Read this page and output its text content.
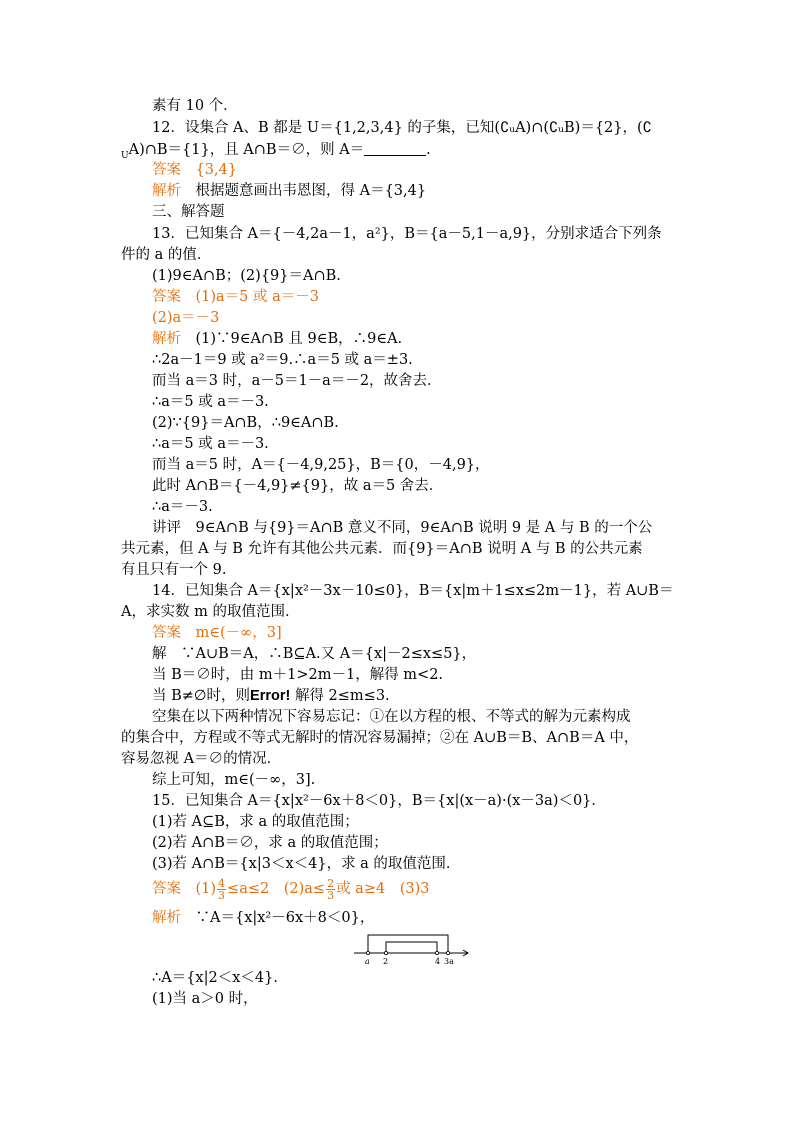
素有 10 个．
12．设集合 A、B 都是 U＝{1,2,3,4} 的子集，已知(∁ᵤA)∩(∁ᵤB)＝{2}，(∁
$_U$A)∩B＝{1}，且 A∩B＝∅，则 A＝	.
答案　 {3,4}
解析　 根据题意画出韦恩图，得 A＝{3,4}
三、解答题
13．已知集合 A＝{－4,2a－1，a²}，B＝{a－5,1－a,9}，分别求适合下列条
件的 a 的值．
(1)9∈A∩B；(2){9}＝A∩B.
答案　 (1)a＝5 或 a＝－3
(2)a＝－3
解析　 (1)∵9∈A∩B 且 9∈B，∴9∈A.
∴2a－1＝9 或 a²＝9.∴a＝5 或 a＝±3.
而当 a＝3 时，a－5＝1－a＝－2，故舍去．
∴a＝5 或 a＝－3.
(2)∵{9}＝A∩B，∴9∈A∩B.
∴a＝5 或 a＝－3.
而当 a＝5 时，A＝{－4,9,25}，B＝{0，－4,9}，
此时 A∩B＝{－4,9}≠{9}，故 a＝5 舍去．
∴a＝－3.
讲评　9∈A∩B 与{9}＝A∩B 意义不同，9∈A∩B 说明 9 是 A 与 B 的一个公
共元素，但 A 与 B 允许有其他公共元素．而{9}＝A∩B 说明 A 与 B 的公共元素
有且只有一个 9.
14．已知集合 A＝{x|x²－3x－10≤0}，B＝{x|m＋1≤x≤2m－1}，若 A∪B＝
A，求实数 m 的取值范围．
答案　 m∈(－∞，3]
解　∵A∪B＝A，∴B⊆A.又 A＝{x|－2≤x≤5}，
当 B＝∅时，由 m＋1>2m－1，解得 m<2.
当 B≠∅时，则Error! 解得 2≤m≤3.
空集在以下两种情况下容易忘记：①在以方程的根、不等式的解为元素构成
的集合中，方程或不等式无解时的情况容易漏掉；②在 A∪B＝B、A∩B＝A 中，
容易忽视 A＝∅的情况．
综上可知，m∈(－∞，3].
15．已知集合 A＝{x|x²－6x＋8＜0}，B＝{x|(x－a)·(x－3a)＜0}．
(1)若 A⊆B，求 a 的取值范围；
(2)若 A∩B＝∅，求 a 的取值范围；
(3)若 A∩B＝{x|3＜x＜4}，求 a 的取值范围．
答案　 $(1) \frac{4}{3} \le a\le 2$　$(2)a\le \frac{2}{3}$ 或 a≥4　(3)3
解析　 ∵A＝{x|x²－6x＋8＜0}，
a 2	4 3a
∴A＝{x|2＜x＜4}．
(1)当 a＞0 时，
